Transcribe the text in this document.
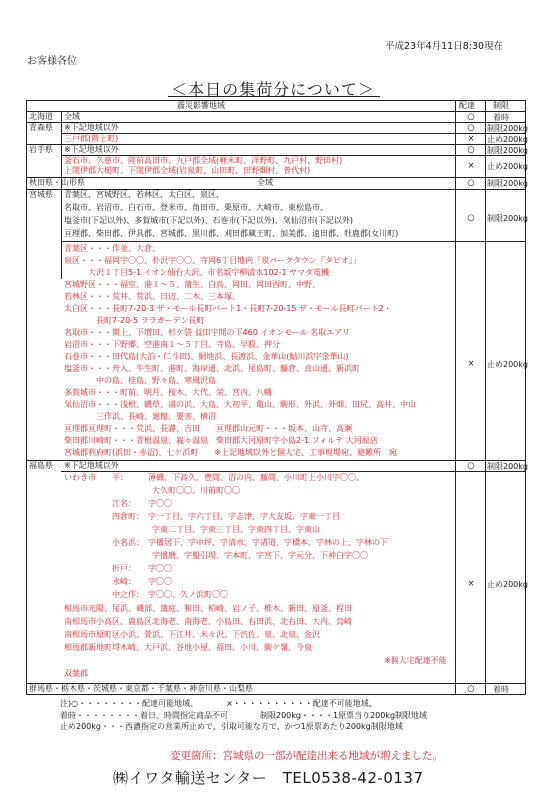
平成23年4月11日8:30現在
お客様各位
＜本日の集荷分について＞
震災影響地域	配達 制限
北海道 全域	○	着時
青森県 ※下記地域以外	○	制限200kg
三戸郡(階上町)	×	止め200kg
岩手県 ※下記地域以外	○	制限200kg
釜石市、久慈市、陸前高田市、九戸郡全域(軽米町、洋野町、九戸村、野田村)
上閉伊郡大槌町、下閉伊郡全域(岩泉町、山田町、田野畑村、普代村)	×	止め200kg
秋田県・山形県	全域	○	制限200kg
宮城県 青葉区、宮城野区、若林区、太白区、泉区、
名取市、岩沼市、白石市、登米市、角田市、栗原市、大崎市、東松島市、
塩釜市(下記以外)、多賀城市(下記以外)、石巻市(下記以外)、気仙沼市(下記以外)
亘理郡、柴田郡、伊具郡、宮城郡、黒川郡、刈田郡蔵王町、加美郡、遠田郡、牡鹿郡(女川町)
○	制限200kg
青葉区・・・作並、大倉、
泉区・・・福岡字〇〇、朴沢字〇〇、寺岡6丁目地内「泉パークタウン『タピオ』」
　　　大沢１丁目5-1 イオン仙台大沢、市名坂字柳清水102-1 ヤマダ電機
宮城野区・・・福室、港１～５、蒲生、白鳥、岡田、岡田西町、中野、
若林区・・・荒井、荒浜、日辺、二木、三本塚、
太白区・・・長町7-20-3 ザ・モール長町パート1・長町7-20-15 ザ・モール長町パート2・
　　　　長町7-20-5 ララガーデン長町
名取市・・・閖上、下増田、杉ケ袋 益田字開の下460 イオンモール 名取エアリ
岩沼市・・・下野郷、空港南１～５丁目、寺島、早股、押分
石巻市・・・田代島(大泊・仁斗田)、網地浜、長渡浜、金華山(鮎川浜字金華山)
塩釜市・・・舟入、牛生町、港町、海岸通、北浜、尾島町、藤倉、貞山通、新浜町
　　　　中の島、桂島、野々島、寒風沢島
多賀城市・・・町前、明月、桜木、大代、栄、宮内、八幡
気仙沼市・・・浅根、磯草、浦の浜、大島、大初平、亀山、駒形、外浜、外畑、田尻、高井、中山
　　　　三作浜、長崎、廻館、要害、横沼
亘理郡亘理町・・・荒浜、長瀞、吉田　　亘理郡山元町・・・坂本、山寺、高瀬
柴田郡川崎町・・・青根温泉、峩々温泉　柴田郡大河原町字小島2-1 フォルテ 大河原店
宮城郡利府町(浜田・赤沼)、七ケ浜町　　※上記地域以外と個人宅、工事現場宛、避難所　宛
×	止め200kg
福島県 ※下記地域以外	○	制限200kg
いわき市　　平：　　　薄磯、下高久、豊間、沼の内、藤間、小川町上小川字〇〇、
　　　　　　　　　　　大久町〇〇、川前町〇〇
　　　　　　江名：　　字〇〇
　　　　　　四倉町：　字一丁目、字六丁目、字志津、字大友坂、字東一丁目
　　　　　　　　　　　字東二丁目、字東三丁目、字東四丁目、字東山
　　　　　　小名浜：　字播居下、字中坪、字清水、字渚道、字橋本、字林の上、字林の下
　　　　　　　　　　　字播磨、字船引場、字本町、字宮下、字元分、下神白字〇〇
　　　　　　折戸：　　字〇〇
　　　　　　永崎：　　字〇〇
　　　　　　中之作：　字〇〇、久ノ浜町〇〇
相馬市光陽、尾浜、磯部、蒲庭、和田、柏崎、岩ノ子、椎木、新田、原釜、程田
南相馬市小高区、鹿島区北海老、南海老、小島田、右田浜、北右田、大内、烏崎
南相馬市原町区小浜、萱浜、下江井、米々沢、下渋佐、泉、北泉、金沢
相馬郡新地町埒木崎、大戸浜、谷地小屋、福田、小川、駒ケ嶺、今泉
双葉郡
※個人宅配達不能
×	止め200kg
群馬県・栃木県・茨城県・東京都・千葉県・神奈川県・山梨県	○	着時
注)○・・・・・・・・配達可能地域、　　　　×・・・・・・・・・・配達不可能地域、
着時・・・・・・・・着日、時間指定商品不可　　　　制限200kg・・・・1原票当り200kg制限地域
止め200kg・・・西濃指定の営業所止めで、引取可能な方で、かつ1原票あたり200kg制限地域
変更箇所：宮城県の一部が配達出来る地域が増えました。
㈱イワタ輸送センター　TEL0538-42-0137
